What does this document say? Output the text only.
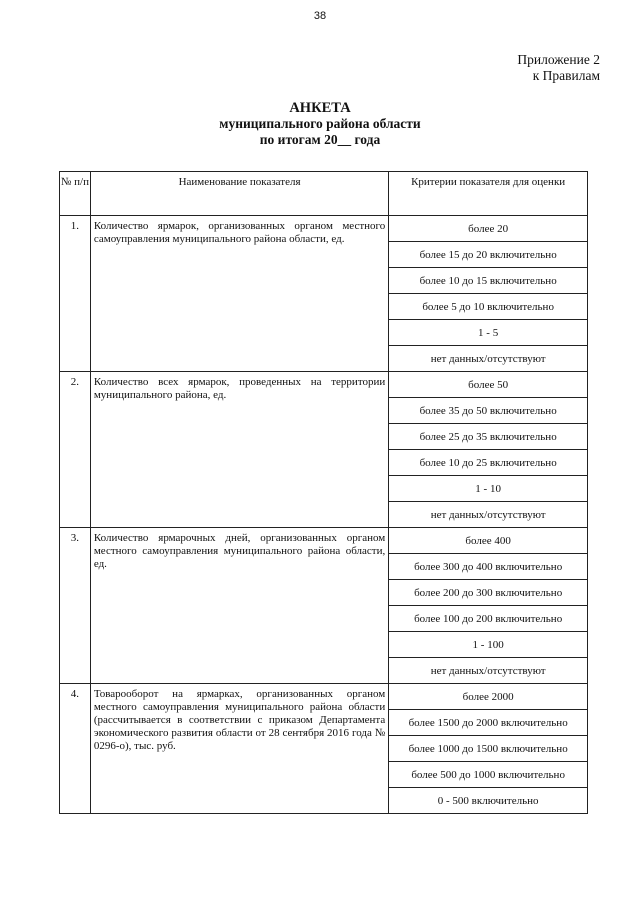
38
Приложение 2
к Правилам
АНКЕТА
муниципального района области
по итогам 20__ года
№ п/п	Наименование показателя	Критерии показателя для оценки
1.	Количество ярмарок, организованных органом местного самоуправления муниципального района области, ед.	более 20
		более 15 до 20 включительно
		более 10 до 15 включительно
		более 5 до 10 включительно
		1 - 5
		нет данных/отсутствуют
2.	Количество всех ярмарок, проведенных на территории муниципального района, ед.	более 50
		более 35 до 50 включительно
		более 25 до 35 включительно
		более 10 до 25 включительно
		1 - 10
		нет данных/отсутствуют
3.	Количество ярмарочных дней, организованных органом местного самоуправления муниципального района области, ед.	более 400
		более 300 до 400 включительно
		более 200 до 300 включительно
		более 100 до 200 включительно
		1 - 100
		нет данных/отсутствуют
4.	Товарооборот на ярмарках, организованных органом местного самоуправления муниципального района области (рассчитывается в соответствии с приказом Департамента экономического развития области от 28 сентября 2016 года № 0296-о), тыс. руб.	более 2000
		более 1500 до 2000 включительно
		более 1000 до 1500 включительно
		более 500 до 1000 включительно
		0 - 500 включительно
